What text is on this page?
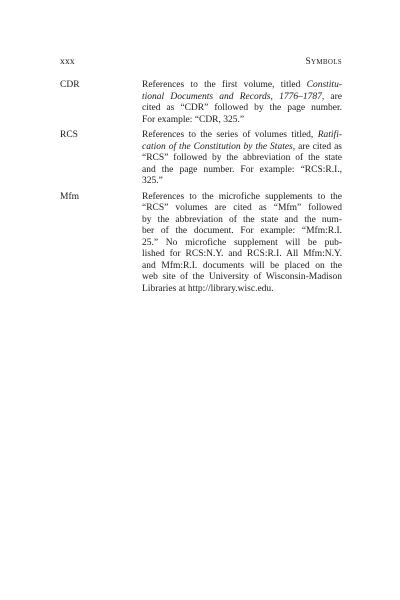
xxx	Symbols
CDR	References to the first volume, titled Constitu-
tional Documents and Records, 1776–1787, are
cited as “CDR” followed by the page number.
For example: “CDR, 325.”
RCS	References to the series of volumes titled, Ratifi-
cation of the Constitution by the States, are cited as
“RCS” followed by the abbreviation of the state
and the page number. For example: “RCS:R.I.,
325.”
Mfm	References to the microfiche supplements to the
“RCS” volumes are cited as “Mfm” followed
by the abbreviation of the state and the num-
ber of the document. For example: “Mfm:R.I.
25.” No microfiche supplement will be pub-
lished for RCS:N.Y. and RCS:R.I. All Mfm:N.Y.
and Mfm:R.I. documents will be placed on the
web site of the University of Wisconsin-Madison
Libraries at http://library.wisc.edu.
